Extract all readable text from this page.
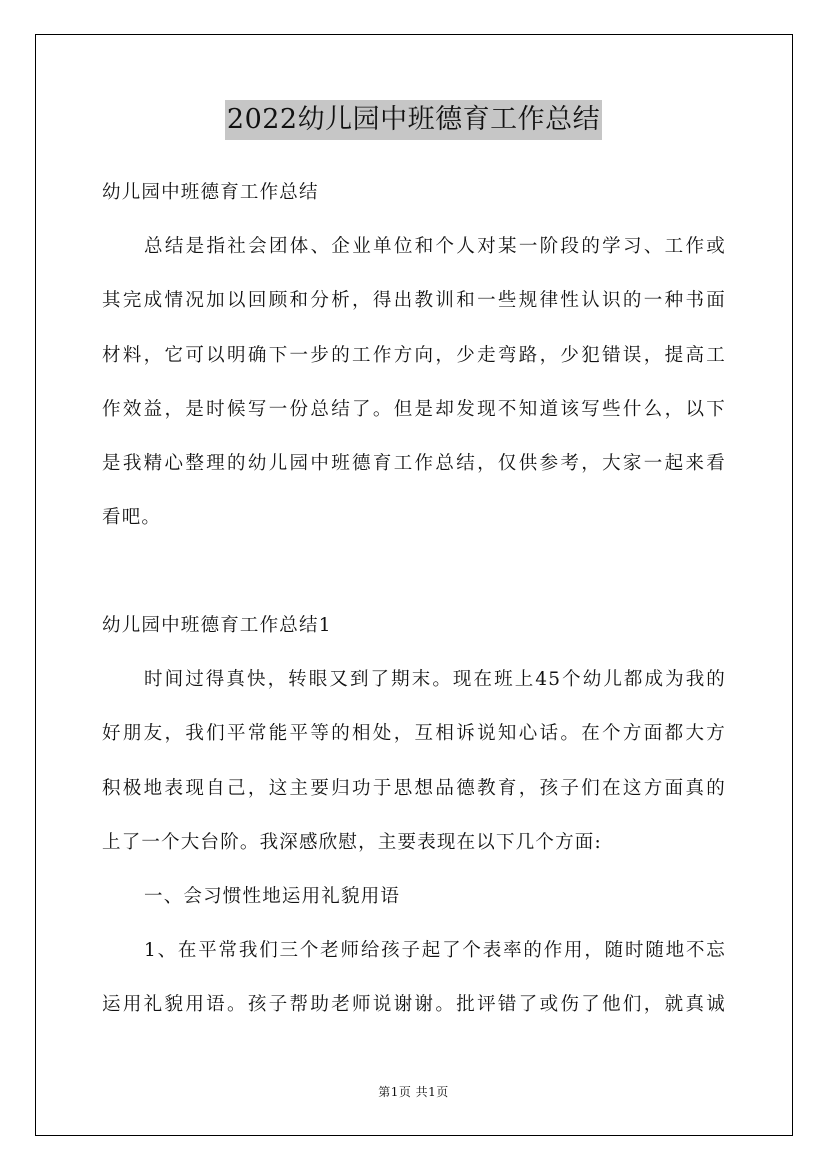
2022幼儿园中班德育工作总结
幼儿园中班德育工作总结
总结是指社会团体、企业单位和个人对某一阶段的学习、工作或
其完成情况加以回顾和分析，得出教训和一些规律性认识的一种书面
材料，它可以明确下一步的工作方向，少走弯路，少犯错误，提高工
作效益，是时候写一份总结了。但是却发现不知道该写些什么，以下
是我精心整理的幼儿园中班德育工作总结，仅供参考，大家一起来看
看吧。
幼儿园中班德育工作总结1
时间过得真快，转眼又到了期末。现在班上45个幼儿都成为我的
好朋友，我们平常能平等的相处，互相诉说知心话。在个方面都大方
积极地表现自己，这主要归功于思想品德教育，孩子们在这方面真的
上了一个大台阶。我深感欣慰，主要表现在以下几个方面:
一、会习惯性地运用礼貌用语
1、在平常我们三个老师给孩子起了个表率的作用，随时随地不忘
运用礼貌用语。孩子帮助老师说谢谢。批评错了或伤了他们，就真诚
第1页 共1页
